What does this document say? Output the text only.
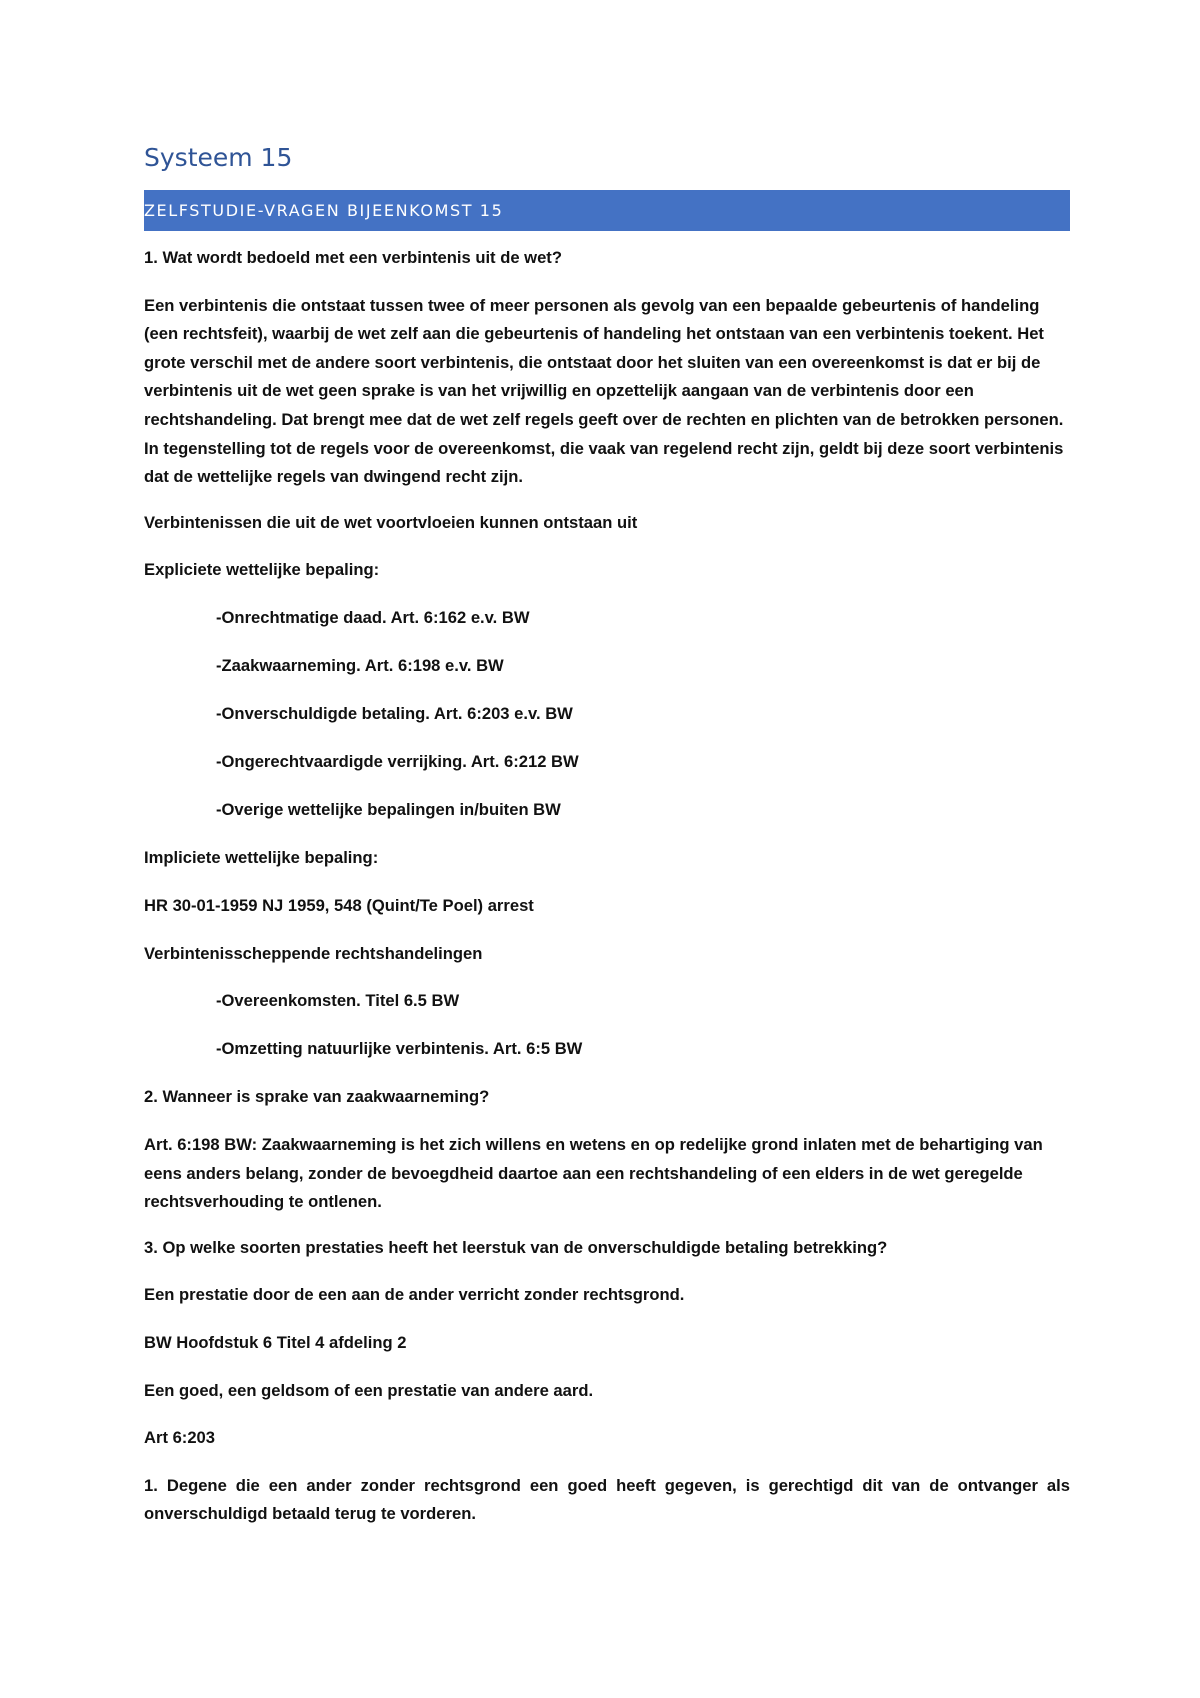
Systeem 15
ZELFSTUDIE-VRAGEN BIJEENKOMST 15

1. Wat wordt bedoeld met een verbintenis uit de wet?

Een verbintenis die ontstaat tussen twee of meer personen als gevolg van een bepaalde gebeurtenis of handeling (een rechtsfeit), waarbij de wet zelf aan die gebeurtenis of handeling het ontstaan van een verbintenis toekent. Het grote verschil met de andere soort verbintenis, die ontstaat door het sluiten van een overeenkomst is dat er bij de verbintenis uit de wet geen sprake is van het vrijwillig en opzettelijk aangaan van de verbintenis door een rechtshandeling. Dat brengt mee dat de wet zelf regels geeft over de rechten en plichten van de betrokken personen. In tegenstelling tot de regels voor de overeenkomst, die vaak van regelend recht zijn, geldt bij deze soort verbintenis dat de wettelijke regels van dwingend recht zijn.

Verbintenissen die uit de wet voortvloeien kunnen ontstaan uit

Expliciete wettelijke bepaling:

-Onrechtmatige daad. Art. 6:162 e.v. BW

-Zaakwaarneming. Art. 6:198 e.v. BW

-Onverschuldigde betaling. Art. 6:203 e.v. BW

-Ongerechtvaardigde verrijking. Art. 6:212 BW

-Overige wettelijke bepalingen in/buiten BW

Impliciete wettelijke bepaling:

HR 30-01-1959 NJ 1959, 548 (Quint/Te Poel) arrest

Verbintenisscheppende rechtshandelingen

-Overeenkomsten. Titel 6.5 BW

-Omzetting natuurlijke verbintenis. Art. 6:5 BW

2. Wanneer is sprake van zaakwaarneming?

Art. 6:198 BW: Zaakwaarneming is het zich willens en wetens en op redelijke grond inlaten met de behartiging van eens anders belang, zonder de bevoegdheid daartoe aan een rechtshandeling of een elders in de wet geregelde rechtsverhouding te ontlenen.

3. Op welke soorten prestaties heeft het leerstuk van de onverschuldigde betaling betrekking?

Een prestatie door de een aan de ander verricht zonder rechtsgrond.

BW Hoofdstuk 6 Titel 4 afdeling 2

Een goed, een geldsom of een prestatie van andere aard.

Art 6:203

1. Degene die een ander zonder rechtsgrond een goed heeft gegeven, is gerechtigd dit van de ontvanger als onverschuldigd betaald terug te vorderen.
